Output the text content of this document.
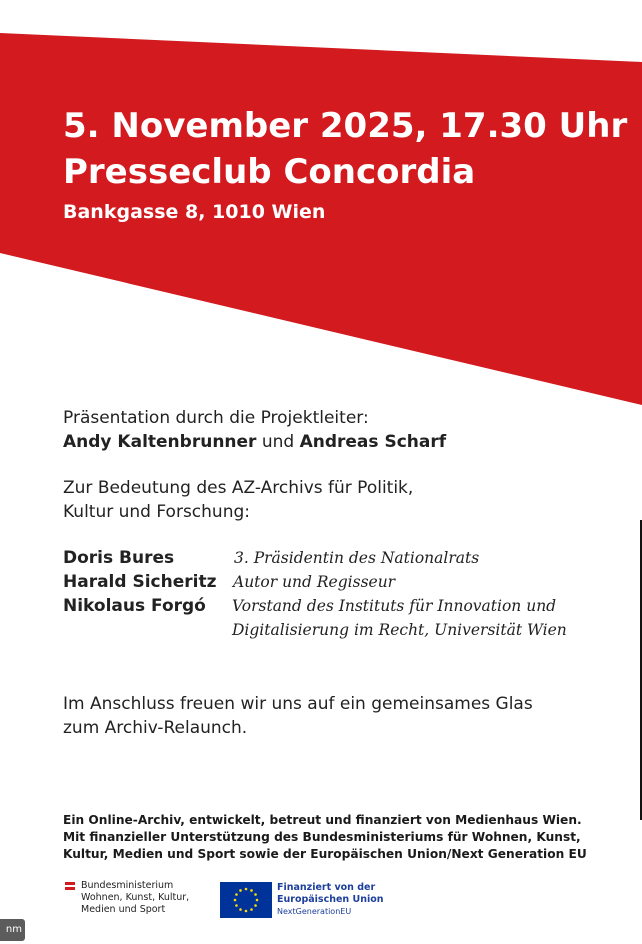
5. November 2025, 17.30 Uhr
Presseclub Concordia
Bankgasse 8, 1010 Wien

Präsentation durch die Projektleiter:
Andy Kaltenbrunner und Andreas Scharf

Zur Bedeutung des AZ-Archivs für Politik,
Kultur und Forschung:

Doris Bures	3. Präsidentin des Nationalrats
Harald Sicheritz	Autor und Regisseur
Nikolaus Forgó	Vorstand des Instituts für Innovation und
Digitalisierung im Recht, Universität Wien

Im Anschluss freuen wir uns auf ein gemeinsames Glas
zum Archiv-Relaunch.

Ein Online-Archiv, entwickelt, betreut und finanziert von Medienhaus Wien.
Mit finanzieller Unterstützung des Bundesministeriums für Wohnen, Kunst,
Kultur, Medien und Sport sowie der Europäischen Union/Next Generation EU
Bundesministerium
Wohnen, Kunst, Kultur,
Medien und Sport
Finanziert von der
Europäischen Union
NextGenerationEU
nm
